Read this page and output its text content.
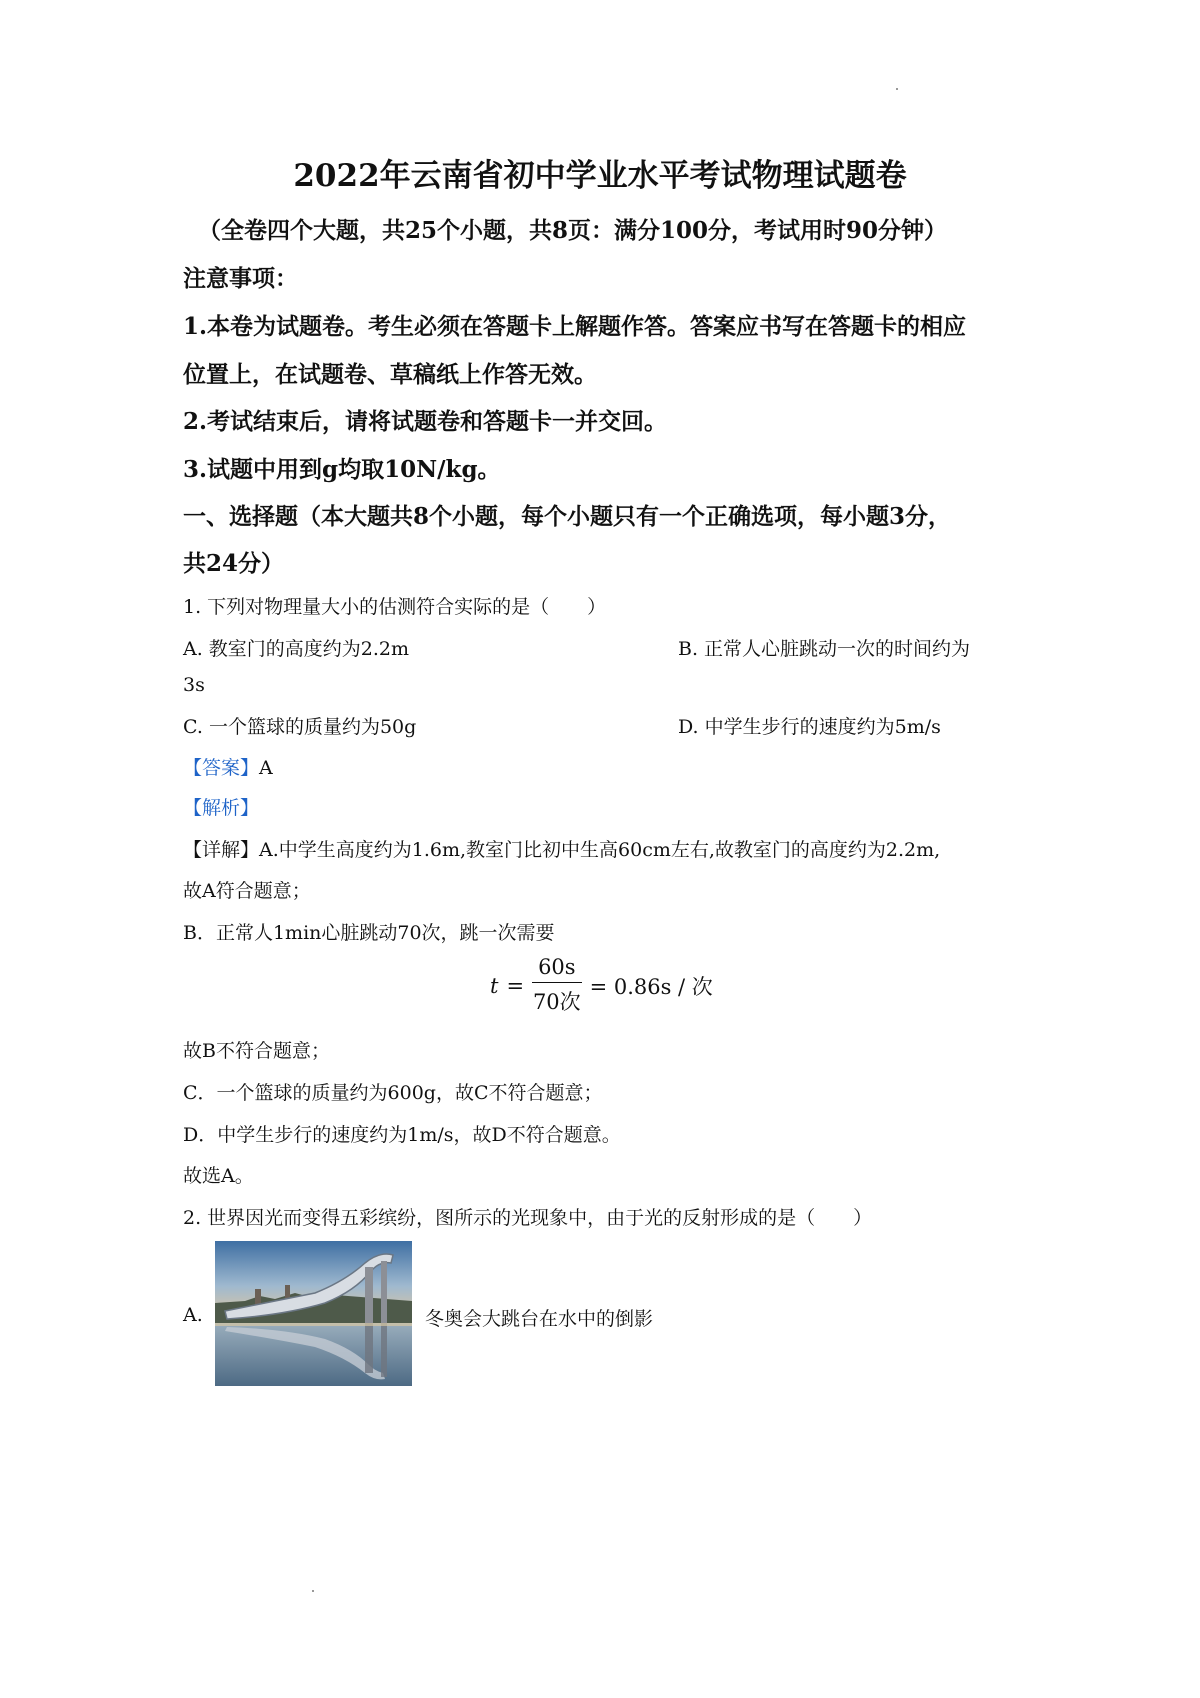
2022年云南省初中学业水平考试物理试题卷
（全卷四个大题，共25个小题，共8页：满分100分，考试用时90分钟）
注意事项：
1.本卷为试题卷。考生必须在答题卡上解题作答。答案应书写在答题卡的相应
位置上，在试题卷、草稿纸上作答无效。
2.考试结束后，请将试题卷和答题卡一并交回。
3.试题中用到g均取10N/kg。
一、选择题（本大题共8个小题，每个小题只有一个正确选项，每小题3分，
共24分）
1. 下列对物理量大小的估测符合实际的是（　　）
A. 教室门的高度约为2.2m	B. 正常人心脏跳动一次的时间约为
3s
C. 一个篮球的质量约为50g	D. 中学生步行的速度约为5m/s
【答案】A
【解析】
【详解】A.中学生高度约为1.6m,教室门比初中生高60cm左右,故教室门的高度约为2.2m,
故A符合题意；
B．正常人1min心脏跳动70次，跳一次需要
$t = \frac{60s}{\text{70次}} = 0.86s$ / 次
故B不符合题意；
C．一个篮球的质量约为600g，故C不符合题意；
D．中学生步行的速度约为1m/s，故D不符合题意。
故选A。
2. 世界因光而变得五彩缤纷，图所示的光现象中，由于光的反射形成的是（　　）
A.	冬奥会大跳台在水中的倒影
